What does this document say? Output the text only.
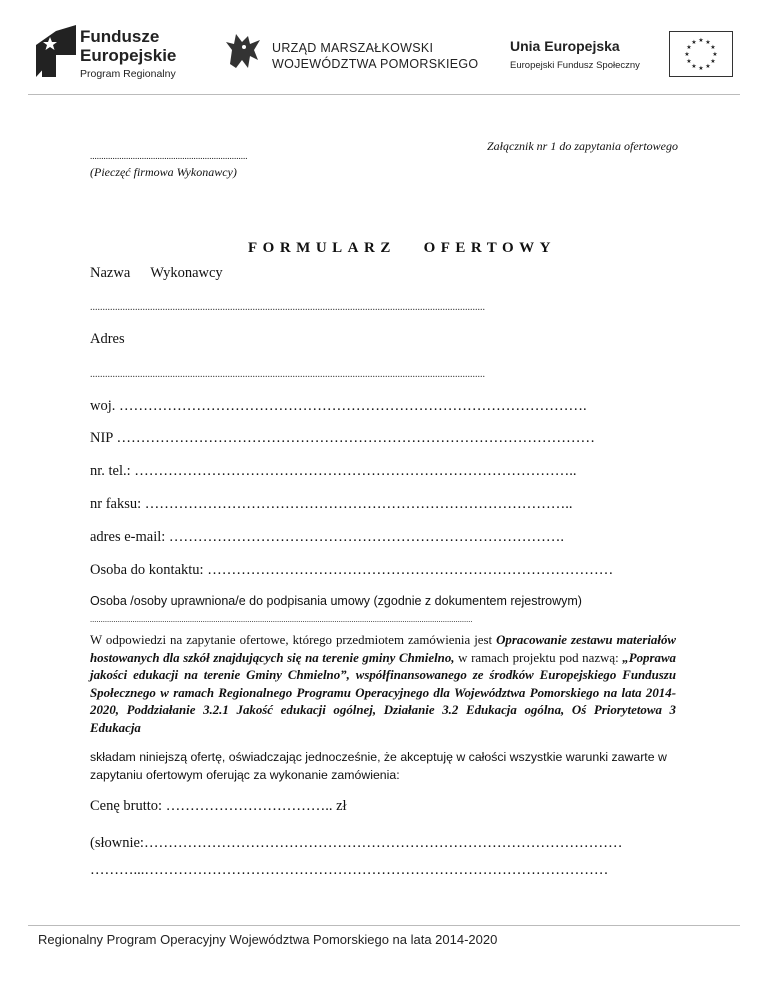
Fundusze
Europejskie
Program Regionalny
URZĄD MARSZAŁKOWSKI
WOJEWÓDZTWA POMORSKIEGO
Unia Europejska
Europejski Fundusz Społeczny
★ ★
★
★
★
★
★
★
★
★
★
★
Załącznik nr 1 do zapytania ofertowego
......................................................................
(Pieczęć firmowa Wykonawcy)
FORMULARZ   OFERTOWY
Nazwa Wykonawcy
..............................................................................................................................................................
Adres
..............................................................................................................................................................
woj. …………………………………………………………………………………….
NIP ………………………………………………………………………………………
nr. tel.: ………………………………………………………………………………..
nr faksu: ……………………………………………………………………………..
adres e-mail: ……………………………………………………………………….
Osoba do kontaktu: …………………………………………………………………………
Osoba /osoby uprawniona/e do podpisania umowy (zgodnie z dokumentem rejestrowym)
....................................................................................................................................................................................
W odpowiedzi na zapytanie ofertowe, którego przedmiotem zamówienia jest Opracowanie zestawu materiałów hostowanych dla szkół znajdujących się na terenie gminy Chmielno, w ramach projektu pod nazwą: „Poprawa jakości edukacji na terenie Gminy Chmielno”, współfinansowanego ze środków Europejskiego Funduszu Społecznego w ramach Regionalnego Programu Operacyjnego dla Województwa Pomorskiego na lata 2014-2020, Poddziałanie 3.2.1 Jakość edukacji ogólnej, Działanie 3.2 Edukacja ogólna, Oś Priorytetowa 3 Edukacja
składam niniejszą ofertę, oświadczając jednocześnie, że akceptuję w całości wszystkie warunki zawarte w zapytaniu ofertowym oferując za wykonanie zamówienia:
Cenę brutto: …………………………….. zł
(słownie:………………………………………………………………………………………
………...……………………………………………………………………………………
Regionalny Program Operacyjny Województwa Pomorskiego na lata 2014-2020
